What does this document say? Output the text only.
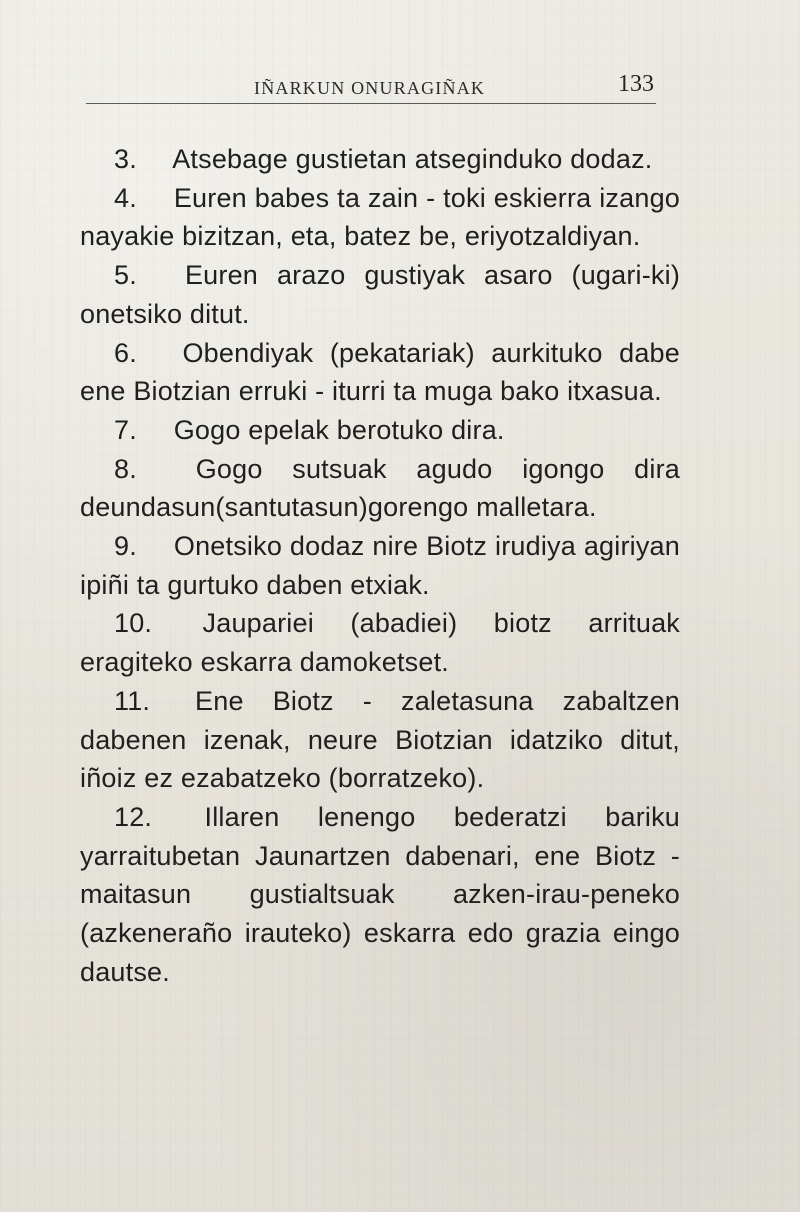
IÑARKUN ONURAGIÑAK	133

3. Atsebage gustietan atseginduko dodaz.

4. Euren babes ta zain - toki eskierra izango nayakie bizitzan, eta, batez be, eriyotzaldiyan.

5. Euren arazo gustiyak asaro (ugari-ki) onetsiko ditut.

6. Obendiyak (pekatariak) aurkituko dabe ene Biotzian erruki - iturri ta muga bako itxasua.

7. Gogo epelak berotuko dira.

8. Gogo sutsuak agudo igongo dira deundasun(santutasun)gorengo malletara.

9. Onetsiko dodaz nire Biotz irudiya agiriyan ipiñi ta gurtuko daben etxiak.

10. Jaupariei (abadiei) biotz arrituak eragiteko eskarra damoketset.

11. Ene Biotz - zaletasuna zabaltzen dabenen izenak, neure Biotzian idatziko ditut, iñoiz ez ezabatzeko (borratzeko).

12. Illaren lenengo bederatzi bariku yarraitubetan Jaunartzen dabenari, ene Biotz - maitasun gustialtsuak azken-irau-peneko (azkeneraño irauteko) eskarra edo grazia eingo dautse.
